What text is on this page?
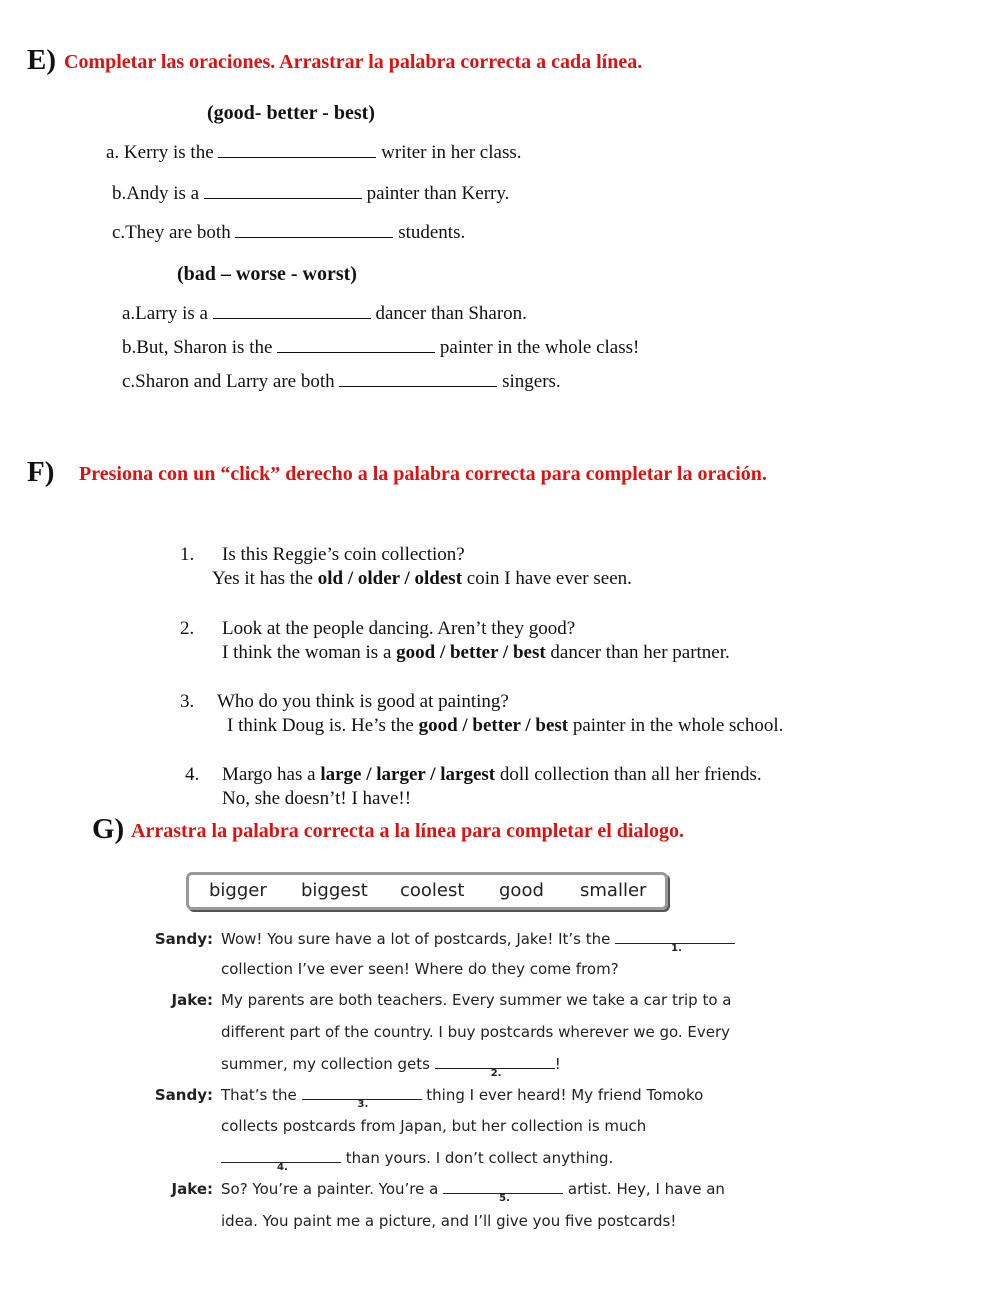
E) Completar las oraciones. Arrastrar la palabra correcta a cada línea.
(good- better - best)
a. Kerry is the	writer in her class.
b.Andy is a	painter than Kerry.
c.They are both	students.
(bad – worse - worst)
a.Larry is a	dancer than Sharon.
b.But, Sharon is the	painter in the whole class!
c.Sharon and Larry are both	singers.
F) Presiona con un “click” derecho a la palabra correcta para completar la oración.
1. Is this Reggie’s coin collection?
Yes it has the old / older / oldest coin I have ever seen.
2. Look at the people dancing. Aren’t they good?
I think the woman is a good / better / best dancer than her partner.
3. Who do you think is good at painting?
I think Doug is. He’s the good / better / best painter in the whole school.
4. Margo has a large / larger / largest doll collection than all her friends.
No, she doesn’t! I have!!
G) Arrastra la palabra correcta a la línea para completar el dialogo.
bigger biggest coolest good smaller
Sandy: Wow! You sure have a lot of postcards, Jake! It’s the
1.
collection I’ve ever seen! Where do they come from?
Jake: My parents are both teachers. Every summer we take a car trip to a
different part of the country. I buy postcards wherever we go. Every
summer, my collection gets
2.
!
Sandy: That’s the
3.
thing I ever heard! My friend Tomoko
collects postcards from Japan, but her collection is much
4.
than yours. I don’t collect anything.
Jake: So? You’re a painter. You’re a
5.
artist. Hey, I have an
idea. You paint me a picture, and I’ll give you five postcards!
